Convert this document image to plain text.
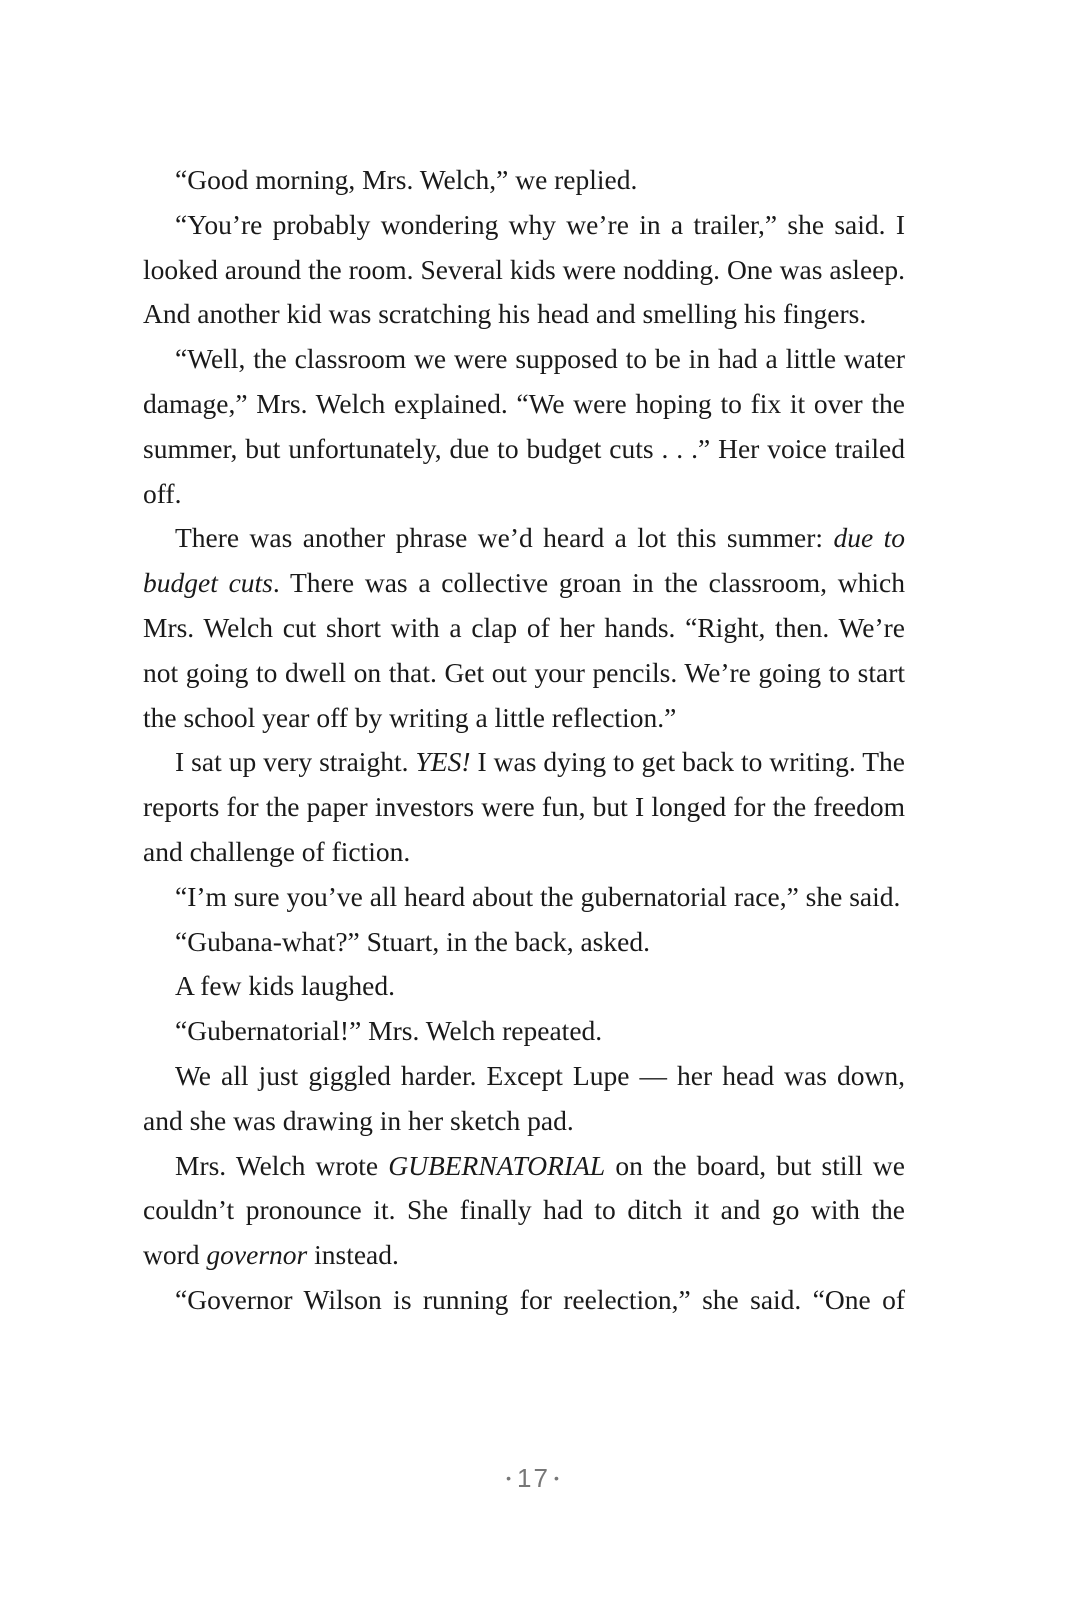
“Good morning, Mrs. Welch,” we replied.

“You’re probably wondering why we’re in a trailer,” she said. I looked around the room. Several kids were nodding. One was asleep. And another kid was scratching his head and smelling his fingers.

“Well, the classroom we were supposed to be in had a little water damage,” Mrs. Welch explained. “We were hoping to fix it over the summer, but unfortunately, due to budget cuts . . .” Her voice trailed off.

There was another phrase we’d heard a lot this summer: due to budget cuts. There was a collective groan in the classroom, which Mrs. Welch cut short with a clap of her hands. “Right, then. We’re not going to dwell on that. Get out your pencils. We’re going to start the school year off by writing a little reflection.”

I sat up very straight. YES! I was dying to get back to writing. The reports for the paper investors were fun, but I longed for the freedom and challenge of fiction.

“I’m sure you’ve all heard about the gubernatorial race,” she said.

“Gubana-what?” Stuart, in the back, asked.

A few kids laughed.

“Gubernatorial!” Mrs. Welch repeated.

We all just giggled harder. Except Lupe — her head was down, and she was drawing in her sketch pad.

Mrs. Welch wrote GUBERNATORIAL on the board, but still we couldn’t pronounce it. She finally had to ditch it and go with the word governor instead.

“Governor Wilson is running for reelection,” she said. “One of

• 17 •
